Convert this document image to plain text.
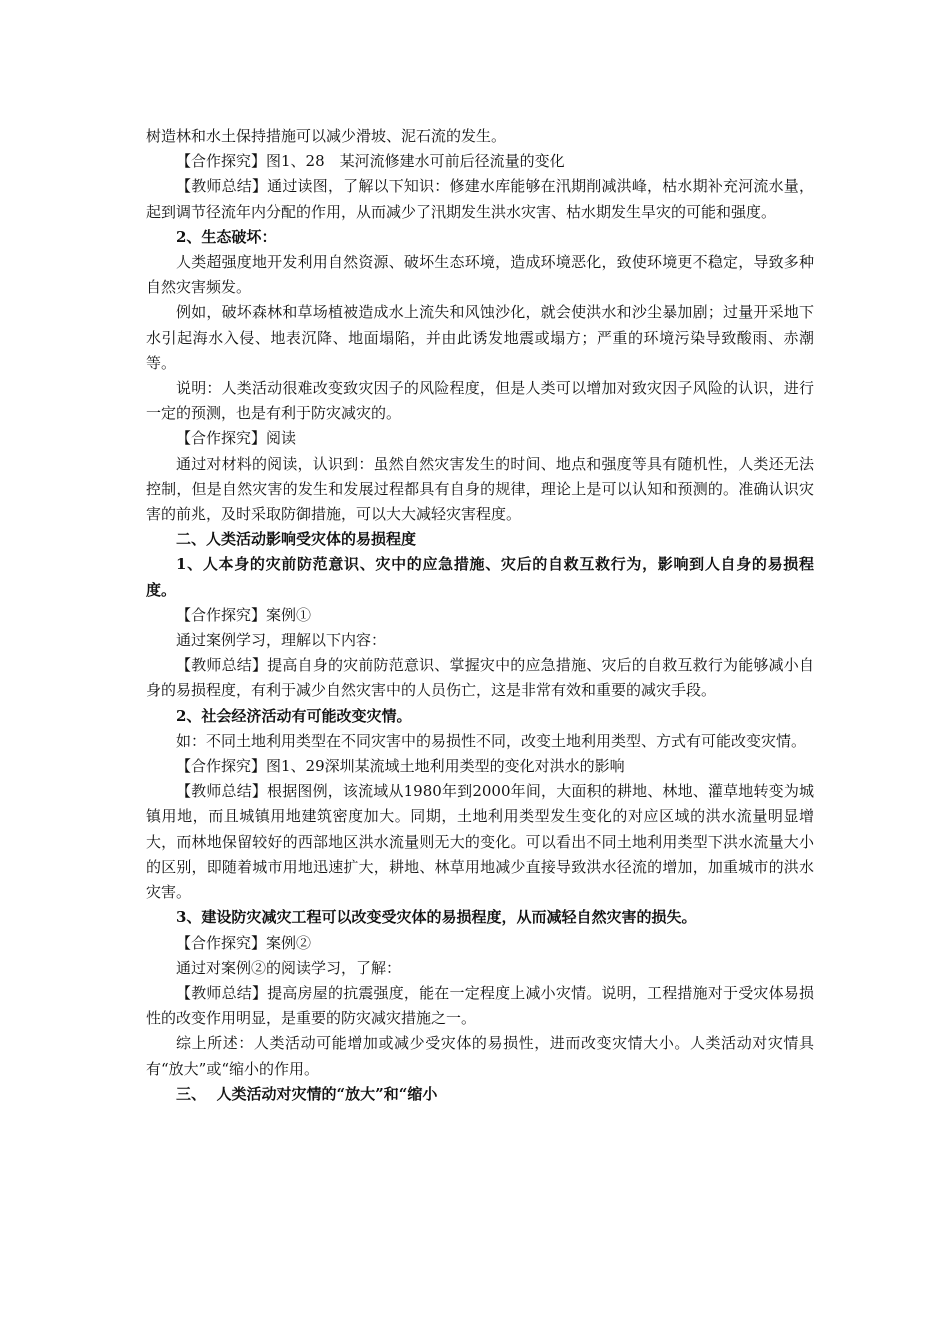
树造林和水土保持措施可以减少滑坡、泥石流的发生。

【合作探究】图1、28　某河流修建水可前后径流量的变化

【教师总结】通过读图，了解以下知识：修建水库能够在汛期削减洪峰，枯水期补充河流水量，起到调节径流年内分配的作用，从而减少了汛期发生洪水灾害、枯水期发生旱灾的可能和强度。

2、生态破坏：

人类超强度地开发利用自然资源、破坏生态环境，造成环境恶化，致使环境更不稳定，导致多种自然灾害频发。

例如，破坏森林和草场植被造成水上流失和风蚀沙化，就会使洪水和沙尘暴加剧；过量开采地下水引起海水入侵、地表沉降、地面塌陷，并由此诱发地震或塌方；严重的环境污染导致酸雨、赤潮等。

说明：人类活动很难改变致灾因子的风险程度，但是人类可以增加对致灾因子风险的认识，进行一定的预测，也是有利于防灾减灾的。

【合作探究】阅读

通过对材料的阅读，认识到：虽然自然灾害发生的时间、地点和强度等具有随机性，人类还无法控制，但是自然灾害的发生和发展过程都具有自身的规律，理论上是可以认知和预测的。准确认识灾害的前兆，及时采取防御措施，可以大大减轻灾害程度。

二、人类活动影响受灾体的易损程度

1、人本身的灾前防范意识、灾中的应急措施、灾后的自救互救行为，影响到人自身的易损程度。

【合作探究】案例①

通过案例学习，理解以下内容：

【教师总结】提高自身的灾前防范意识、掌握灾中的应急措施、灾后的自救互救行为能够减小自身的易损程度，有利于减少自然灾害中的人员伤亡，这是非常有效和重要的减灾手段。

2、社会经济活动有可能改变灾情。

如：不同土地利用类型在不同灾害中的易损性不同，改变土地利用类型、方式有可能改变灾情。

【合作探究】图1、29深圳某流域土地利用类型的变化对洪水的影响

【教师总结】根据图例，该流域从1980年到2000年间，大面积的耕地、林地、灌草地转变为城镇用地，而且城镇用地建筑密度加大。同期，土地利用类型发生变化的对应区域的洪水流量明显增大，而林地保留较好的西部地区洪水流量则无大的变化。可以看出不同土地利用类型下洪水流量大小的区别，即随着城市用地迅速扩大，耕地、林草用地减少直接导致洪水径流的增加，加重城市的洪水灾害。

3、建设防灾减灾工程可以改变受灾体的易损程度，从而减轻自然灾害的损失。

【合作探究】案例②

通过对案例②的阅读学习，了解：

【教师总结】提高房屋的抗震强度，能在一定程度上减小灾情。说明，工程措施对于受灾体易损性的改变作用明显，是重要的防灾减灾措施之一。

综上所述：人类活动可能增加或减少受灾体的易损性，进而改变灾情大小。人类活动对灾情具有“放大”或“缩小的作用。

三、  人类活动对灾情的“放大”和“缩小
